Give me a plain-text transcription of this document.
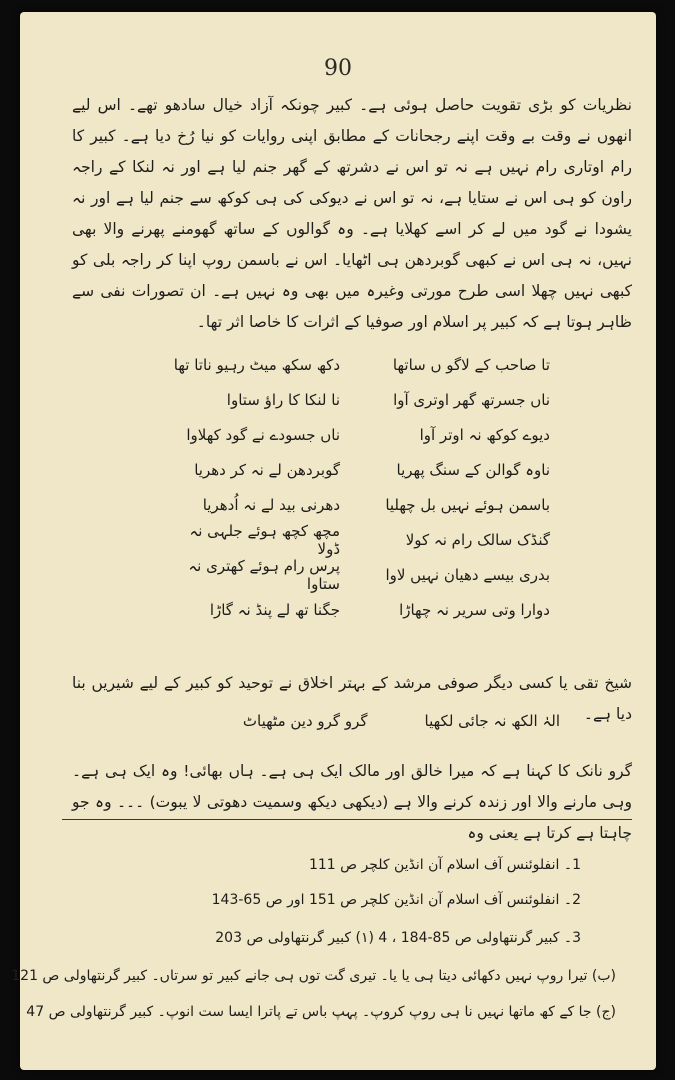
90
نظریات کو بڑی تقویت حاصل ہوئی ہے۔ کبیر چونکہ آزاد خیال سادھو تھے۔ اس لیے انھوں نے وقت بے وقت اپنے رجحانات کے مطابق اپنی روایات کو نیا رُخ دیا ہے۔ کبیر کا رام اوتاری رام نہیں ہے نہ تو اس نے دشرتھ کے گھر جنم لیا ہے اور نہ لنکا کے راجہ راون کو ہی اس نے ستایا ہے، نہ تو اس نے دیوکی کی ہی کوکھ سے جنم لیا ہے اور نہ یشودا نے گود میں لے کر اسے کھلایا ہے۔ وہ گوالوں کے ساتھ گھومنے پھرنے والا بھی نہیں، نہ ہی اس نے کبھی گوبردھن ہی اٹھایا۔ اس نے باسمن روپ اپنا کر راجہ بلی کو کبھی نہیں چھلا اسی طرح مورتی وغیرہ میں بھی وہ نہیں ہے۔ ان تصورات نفی سے ظاہر ہوتا ہے کہ کبیر پر اسلام اور صوفیا کے اثرات کا خاصا اثر تھا۔
تا صاحب کے لاگو ں ساتھا
دکھ سکھ میٹ رہیو ناتا تھا
ناں جسرتھ گھر اوتری آوا
نا لنکا کا راؤ ستاوا
دیوے کوکھ نہ اوتر آوا
ناں جسودے نے گود کھلاوا
ناوہ گوالن کے سنگ پھریا
گوبردھن لے نہ کر دھریا
باسمن ہوئے نہیں بل چھلیا
دھرنی بید لے نہ اُدھریا
گنڈک سالک رام نہ کولا
مچھ کچھ ہوئے جلہی نہ ڈولا
بدری بیسے دھیان نہیں لاوا
پرس رام ہوئے کھتری نہ ستاوا
دوارا وتی سریر نہ چھاڑا
جگنا تھ لے پنڈ نہ گاڑا
شیخ تقی یا کسی دیگر صوفی مرشد کے بہتر اخلاق نے توحید کو کبیر کے لیے شیریں بنا دیا ہے۔
الہٰ الکھ نہ جائی لکھیا
گرو گرو دین مٹھیاٹ
گرو نانک کا کہنا ہے کہ میرا خالق اور مالک ایک ہی ہے۔ ہاں بھائی! وہ ایک ہی ہے۔ وہی مارنے والا اور زندہ کرنے والا ہے (دیکھی دیکھ وسمیت دھوتی لا یبوت) ۔۔۔ وہ جو چاہتا ہے کرتا ہے یعنی وہ
1۔ انفلوئنس آف اسلام آن انڈین کلچر ص 111
2۔ انفلوئنس آف اسلام آن انڈین کلچر ص 151 اور ص 65-143
3۔ کبیر گرنتھاولی ص 85-184 ، 4 (۱) کبیر گرنتھاولی ص 203
(ب) تیرا روپ نہیں دکھائی دیتا ہی یا یا۔ تیری گت توں ہی جانے کبیر تو سرتاں۔ کبیر گرنتھاولی ص 121
(ج) جا کے کھ ماتھا نہیں نا ہی روپ کروپ۔ پہپ باس تے پاترا ایسا ست انوپ۔ کبیر گرنتھاولی ص 47
